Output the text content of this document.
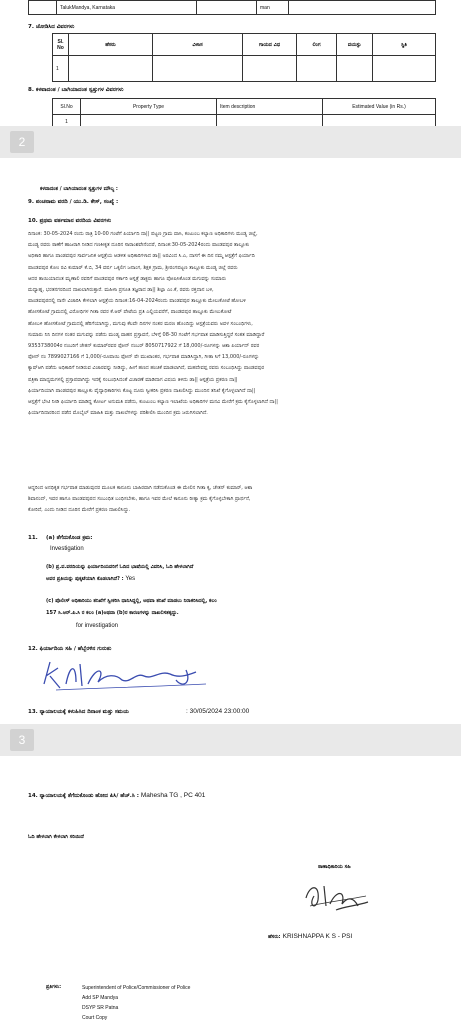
	TalukMandya, Karnataka		man	
7. ಜೋಡಿಸಿದ ವಿವರಗಳು
Sl. No	ಹೆಸರು	ವಿಳಾಸ	ಗಾಯದ ವಿಧ	ಲಿಂಗ	ವಯಸ್ಸು	ಸ್ಥಿತಿ
1						
8. ಕಳವಾದಂತ / ಬಾಗಿಯಾದಂತ ಸ್ವತ್ತುಗಳ ವಿವರಗಳು
Sl.No	Property Type	Item description	Estimated Value (in Rs.)
1			
2
ಕಳವಾದಂತ / ಬಾಗಿಯಾದಂತ ಸ್ವತ್ತುಗಳ ಮೌಲ್ಯ :
9. ಪಂಚನಾಮ ವರದಿ / ಯು.ಡಿ. ಕೇಸ್, ಸಂಖ್ಯೆ :
10. ಪ್ರಥಮ ವರ್ತಮಾನ ವರದಿಯ ವಿವರಗಳು
ದಿನಾಂಕ: 30-05-2024 ರಂದು ರಾತ್ರಿ 10-00 ಗಂಟೆಗೆ ಪಿರ್ಯಾದಿ ದಾ|| ಪಟ್ಟಣ ಗ್ರಾಮ ವಾಸಿ, ಕಂಟುಂಬ ಕಲ್ಯಾಣ ಅಧಿಕಾರಿಗಳು ಮಂಡ್ಯ ಜಿಲ್ಲೆ,
ಮಂಡ್ಯ ರವರು ಠಾಣೆಗೆ ಹಾಜರಾಗಿ ನೀಡಿದ ಗಣಕೀಕೃತ ದೂರಿನ ಸಾರಾಂಶವೇನೆಂದರೆ, ದಿನಾಂಕ:30-05-2024ರಂದು ಪಾಂಡವಪುರ ತಾಲ್ಲೂಕು
ಅಧಿಕಾರಿ ಹಾಗೂ ಪಾಂಡವಪುರ ಸಾರ್ವಜನಿಕ ಆಸ್ಪತ್ರೆಯ ಆಡಳಿತ ಅಧಿಕಾರಿಗಳಾದ ಡಾ|| ಅರವಿಂದ ಸಿ.ಎ, ದಾಸಗೆ ಈ ದಿನ ನಮ್ಮ ಆಸ್ಪತ್ರೆಗೆ ಫಿರ್ಯಾದಿ
ಪಾಂಡವಪುರ ಕೋಂ ರವಿ ಕುಮಾರ್ ಕೆ.ಬಿ, 34 ವರ್ಷ ಒಕ್ಕಲಿಗ ಜನಾಂಗ, ಶಿಕ್ಷಕ ಗ್ರಾಮ, ಶ್ರೀರಂಗಪಟ್ಟಣ ತಾಲ್ಲೂಕು ಮಂಡ್ಯ ಜಿಲ್ಲೆ ರವರು
ಆದರ ತಾಯಿಯಾದಂತ ಮೃಣಾಲಿ ರವರಿಗೆ ಪಾಂಡವಪುರ ಸರ್ಕಾರಿ ಆಸ್ಪತ್ರೆ ಡಾಕ್ಟರು ಹಾಗೂ ಪೋಷಿಸಿಕೊಂಡ ಮಗುವನ್ನು ಸುಮಾರು
ಮಧ್ಯಾಹ್ನ, ಭರತನಗರದಿಂದ ದಾಖಲಾಗಿರುತ್ತಾರೆ. ಮಹಿಳಾ ಪ್ರಸೂತಿ ತಜ್ಞರಾದ ಡಾ|| ಶಿಲ್ಪಾ ಎಂ.ಕೆ, ರವರು ರಕ್ತದಾನ ಬಳಿ,
ಪಾಂಡವಪುರದಲ್ಲಿ ನಾನೇ ವಿಚಾರಿಸಿ ಕೇಳಲಾಗಿ ಆಸ್ಪತ್ರೆಯ ದಿನಾಂಕ:16-04-2024ರಂದು ಪಾಂಡವಪುರ ತಾಲ್ಲೂಕು ಮೇಲುಕೋಟೆ ಹೋಬಳಿ
ಹೋಸಕೋಟೆ ಗ್ರಾಮದಲ್ಲಿ ವಿರೋಧಿಗಳ ಗೀತಾ ರವರ ಕೆ.ಆರ್ ಪೇಟೆಯ ಪ್ರತಿ ಎಲ್ಲಿಯವರೆಗೆ, ಪಾಂಡವಪುರ ತಾಲ್ಲೂಕು ಮೇಲುಕೋಟೆ
ಹೋಬಳಿ ಹೋಸಕೋಟೆ ಗ್ರಾಮದಲ್ಲಿ ಹೆರಿಗೆಯಾಗಿದ್ದು, ಮಗುವು ಕೆಲವೇ ದಿನಗಳ ನಂತರ ಮರಣ ಹೊಂದಿದ್ದು ಆಸ್ಪತ್ರೆಯವರು ಅವಳ ಸಂಬಂಧಿಗಳು,
ಸುಮಾರು ನಿನಿ ದಿನಗಳ ನಂತರ ಮಗುವನ್ನು ಪಡೆದು ಮಂಡ್ಯ ವಾಹನ ಪ್ರಸ್ತಾವನೆ, ಬೆಳಿಗ್ಗೆ 08-30 ಗಂಟೆಗೆ ಗರ್ಭಪಾತ ಮಾಡಿಸುತ್ತಿದ್ದರೆ ಸಂತತ ಮಾಡಿದ್ದಾರೆ
9353738004ರ ನಂಬರಿಗೆ ಚೇತನ್ ಕುಮಾರ್‌ರವರ ಫೋನ್ ನಂಬರ್ 8050717922 ಗೆ 18,000/-ರೂಗಳನ್ನು ಆಶಾ ಪಿರ್ಯಾದ್ ರವರ
ಫೋನ್ ನಂ 7899027166 ಗೆ 1,000/-ರೂಪಾಯಿ ಫೋನ್ ಪೇ ಮುಖಾಂತರ, ಗರ್ಭಪಾತ ಮಾಡಿಸಿದ್ದಾಗಿ, ಗೀತಾ ಸಿಗೆ 13,000/-ರೂಗಳನ್ನು
ಕ್ಯಾಷ್‌ಆಗಿ ಪಡೆದು ಅಧಿಕಾರಿಗೆ ನೀಡಿರುವ ವಿಚಾರವನ್ನು ನೀಡಿದ್ದು, ಹೀಗೆ ಹಣದ ಹಂಚಿಕೆ ಮಾಡಲಾಗಿದೆ, ಮಹದೇವಪ್ಪ ರವರು ಸಂಬಂಧಿಸಿದ್ದು ಪಾಂಡವಪುರ
ಪತ್ರಿಕಾ ಮಾಧ್ಯಮಗಳಲ್ಲಿ ಪ್ರಸ್ತಾಪವಾಗಿದ್ದು ಇದಕ್ಕೆ ಸಂಬಂಧಿಸಿದಂತೆ ವಿಚಾರಣೆ ಮಾಡಿದಾಗ ವಿಷಯ ತಿಳಿದು ಡಾ|| ಆಸ್ಪತ್ರೆಯ ಪ್ರಕರಣ ದಾ||
ಫಿರ್ಯಾದಿಯಾಗಿ ಪಾಂಡವಪುರ ತಾಲ್ಲೂಕು ವೈದ್ಯಾಧಿಕಾರಿಗಳು ಕೊಟ್ಟ ದೂರು ಸ್ವೀಕರಿಸಿ ಪ್ರಕರಣ ದಾಖಲಿಸಿದ್ದು ಮುಂದಿನ ತನಿಖೆ ಕೈಗೊಳ್ಳಲಾಗಿದೆ ದಾ||
ಆಸ್ಪತ್ರೆಗೆ ಭೇಟಿ ನೀಡಿ ಫಿರ್ಯಾದಿ ಮಾಡಿದ್ದ ಕೋರ್ಟ ಅನುಮತಿ ಪಡೆದು, ಕುಂಟುಂಬ ಕಲ್ಯಾಣ ಇಲಾಖೆಯ ಅಧಿಕಾರಿಗಳ ಮನವಿ ಮೇರೆಗೆ ಕ್ರಮ ಕೈಗೊಳ್ಳಲಾಗಿದೆ ದಾ||
ಫಿರ್ಯಾದಿದಾರರಿಂದ ಪಡೆದ ಮೊಬೈಲ್ ಮಾಹಿತಿ ಮತ್ತು ದಾಖಲೆಗಳನ್ನು ಪರಿಶೀಲಿಸಿ ಮುಂದಿನ ಕ್ರಮ ಜರುಗಿಸಲಾಗಿದೆ.
ಆದ್ದರಿಂದ ಅನಧಿಕೃತ ಗರ್ಭಪಾತ ಮಾಡುವುದರ ಮೂಲಕ ಕಾನೂನು ಬಾಹಿರವಾಗಿ ನಡೆದುಕೊಂಡ ಈ ಮೇಲಿನ ಗೀತಾ ಕ್ಕ, ಚೇತನ್ ಕುಮಾರ್, ಆಶಾ
ಶಿವಾನಂದ್, ಇವರ ಹಾಗೂ ಪಾಂಡವಪುರದ ಸಂಬಂಧಿತ ಬಂಧಿಸಬೇಕು, ಹಾಗೂ ಇವರ ಮೇಲೆ ಕಾನೂನು ರೀತ್ಯಾ ಕ್ರಮ ಕೈಗೊಳ್ಳಬೇಕಾಗಿ ಪ್ರಾರ್ಥನೆ,
ಕೋರಿದೆ, ಎಂದು ನೀಡಿದ ದೂರಿನ ಮೇರೆಗೆ ಪ್ರಕರಣ ದಾಖಲಿಸಿದ್ದು.
11. (a) ತೆಗೆದುಕೊಂಡ ಕ್ರಮ:
Investigation
(b) ಪ್ರ.ವ.ವರದಿಯನ್ನು ಫಿರ್ಯಾದಿಯವರಿಗೆ ಓದಿದ ಭಾಷೆಯಲ್ಲಿ ವಿವರಿಸಿ, ಓದಿ ಹೇಳಲಾಗಿದೆ
ಅವರ ಪ್ರತಿಯನ್ನು ಪುಕ್ಕಟೆಯಾಗಿ ಕೊಡಲಾಗಿದೆ? : Yes
(c) ಪೊಲೀಸ್ ಅಧಿಕಾರಿಯು ತನಿಖೆಗೆ ಸ್ವೀಕರಿಸಿ ಧಾನಿಸಿದ್ದಲ್ಲಿ, ಅಥವಾ ತನಿಖೆ ಮಾಡಲು ನಿರಾಕರಿಸಿದಲ್ಲಿ, ಕಲಂ
157 ಸಿ.ಆರ್.ಪಿ.ಸಿ ರ ಕಲಂ (a)ಅಥವಾ (b)ರ ಕಾರಣಗಳನ್ನು ದಾಖಲಿಸತಕ್ಕದ್ದು.
for investigation
12. ಫಿರ್ಯಾದಿಯ ಸಹಿ / ಹೆಬ್ಬೆರಳಿನ ಗುರುತು
13. ನ್ಯಾಯಾಲಯಕ್ಕೆ ಕಳುಹಿಸಿದ ದಿನಾಂಕ ಮತ್ತು ಸಮಯ	: 30/05/2024 23:00:00
3
14. ನ್ಯಾಯಾಲಯಕ್ಕೆ ತೆಗೆದುಕೊಂಡು ಹೋದ ಪಿಸಿ/ ಹೆಚ್.ಸಿ : Mahesha TG , PC 401
ಓದಿ ಹೇಳಲಾಗಿ ಕೇಳಲಾಗಿ ಸರಿಯಿದೆ
ಠಾಣಾಧಿಕಾರಿಯ ಸಹಿ
ಹೆಸರು: KRISHNAPPA K S - PSI
ಪ್ರತಿಗಳು:	Superintendent of Police/Commissioner of Police
Add SP Mandya
DSYP SR Patna
Court Copy
